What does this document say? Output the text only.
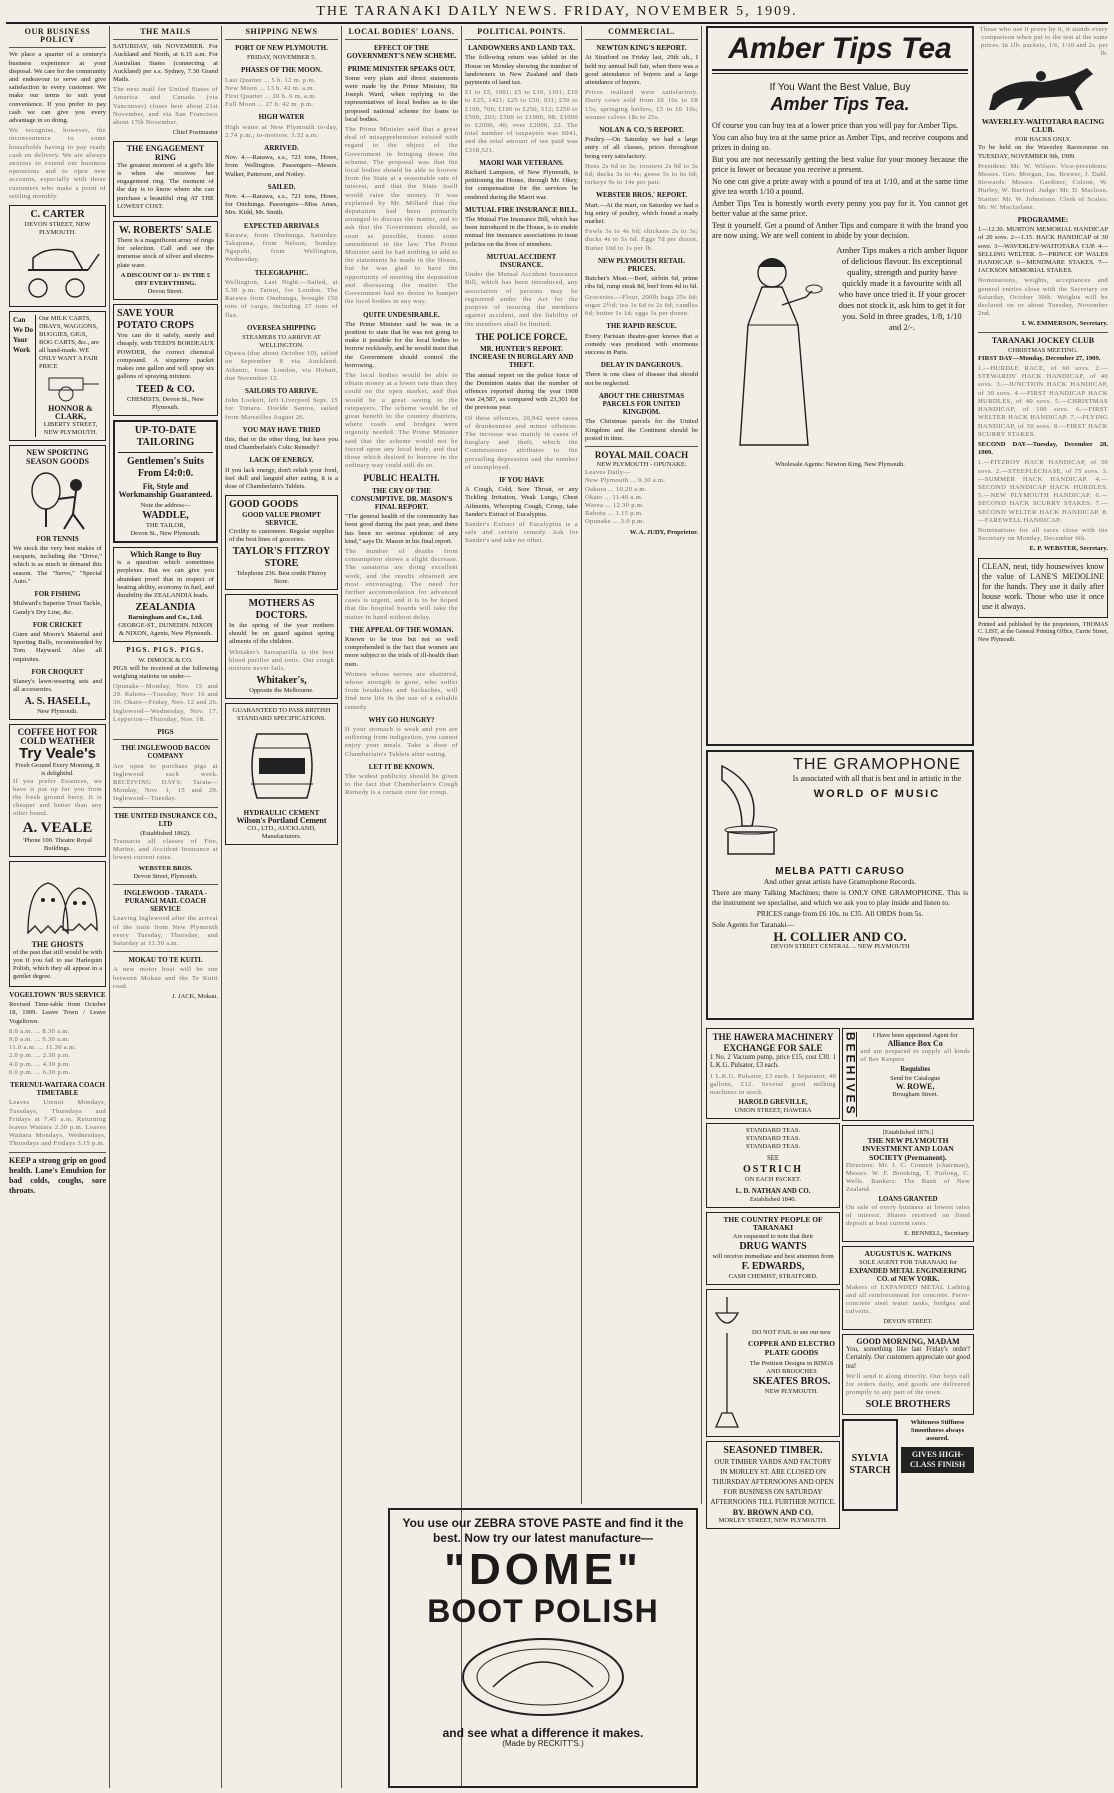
THE TARANAKI DAILY NEWS. FRIDAY, NOVEMBER 5, 1909.
OUR BUSINESS POLICY

We place a quarter of a century's business experience at your disposal. We care for the community and endeavour to serve and give satisfaction to every customer. We make our terms to suit your convenience. If you prefer to pay cash we can give you every advantage in so doing.

We recognise, however, the inconvenience to some households having to pay ready cash on delivery. We are always anxious to extend our business operations and to open new accounts, especially with those customers who make a point of settling monthly.

C. CARTER
DEVON STREET, NEW PLYMOUTH.
Can We Do Your Work
Our MILK CARTS, DRAYS, WAGGONS, BUGGIES, GIGS, BOG CARTS, &c., are all hand-made. WE ONLY WANT A FAIR PRICE
HONNOR & CLARK,
LIBERTY STREET, NEW PLYMOUTH.
NEW SPORTING SEASON GOODS
FOR TENNIS

We stock the very best makes of racquets, including the "Drive," which is as much in demand this season. The "Servo," "Special Auto."

FOR FISHING

Mulward's Superior Trout Tackle, Gandy's Dry Line, &c.

FOR CRICKET

Gunn and Moore's Material and Sporting Balls, recommended by Tom Hayward. Also all requisites.

FOR CROQUET

Slaney's lawn-wearing sets and all accessories.

A. S. HASELL,
New Plymouth.
COFFEE HOT FOR COLD WEATHER
Try Veale's
Fresh Ground Every Morning. It is delightful.

If you prefer Essences, we have it put up for you from the fresh ground berry. It is cheaper and better than any other brand.

A. VEALE
'Phone 100. Theatre Royal Buildings.
THE GHOSTS

of the past that still would be with you if you fail to use Harlequin Polish, which they all appear in a gentler degree.

VOGELTOWN 'BUS SERVICE

Revised Time-table from October 18, 1909. Leave Town / Leave Vogeltown.

8.0 a.m. ... 8.30 a.m.
9.0 a.m. ... 9.30 a.m.
11.0 a.m. ... 11.30 a.m.
2.0 p.m. ... 2.30 p.m.
4.0 p.m. ... 4.30 p.m.
6.0 p.m. ... 6.30 p.m.

TERENUI-WAITARA COACH TIMETABLE

Leaves Urenui Mondays, Tuesdays, Thursdays and Fridays at 7.45 a.m. Returning leaves Waitara 2.30 p.m. Leaves Waitara Mondays, Wednesdays, Thursdays and Fridays 3.15 p.m.

KEEP a strong grip on good health. Lane's Emulsion for bad colds, coughs, sore throats.

THE MAILS

SATURDAY, 6th NOVEMBER. For Auckland and North, at 6.15 a.m. For Australian States (connecting at Auckland) per s.s. Sydney, 7.30 Grand Mails.

The next mail for United States of America and Canada (via Vancouver) closes here about 21st November, and via San Francisco about 17th November.

Chief Postmaster

THE ENGAGEMENT RING

The greatest moment of a girl's life is when she receives her engagement ring. The moment of the day is to know where she can purchase a beautiful ring AT THE LOWEST COST.

W. ROBERTS' SALE

There is a magnificent array of rings for selection. Call and see the immense stock of silver and electro-plate ware.

A DISCOUNT OF 1/- IN THE £ OFF EVERYTHING.
Devon Street.
SAVE YOUR POTATO CROPS

You can do it safely, surely and cheaply, with TEED'S BORDEAUX POWDER, the correct chemical compound. A sixpenny packet makes one gallon and will spray six gallons of spraying mixture.

TEED & CO.
CHEMISTS, Devon St., New Plymouth.
UP-TO-DATE TAILORING
Gentlemen's Suits From £4:0:0.
Fit, Style and Workmanship Guaranteed.
Note the address—
WADDLE,
THE TAILOR,
Devon St., New Plymouth.
Which Range to Buy

is a question which sometimes perplexes. But we can give you abundant proof that in respect of heating ability, economy in fuel, and durability the ZEALANDIA leads.

ZEALANDIA
Barningham and Co., Ltd.
GEORGE-ST., DUNEDIN. NIXON & NIXON, Agents, New Plymouth.
PIGS. PIGS. PIGS.
W. DIMOCK & CO.

PIGS will be received at the following weighing stations on under—

Opunake—Monday, Nov. 15 and 29. Rahotu—Tuesday, Nov. 16 and 30. Okato—Friday, Nov. 12 and 26. Inglewood—Wednesday, Nov. 17. Lepperton—Thursday, Nov. 18.

PIGS
THE INGLEWOOD BACON COMPANY

Are open to purchase pigs at Inglewood each week. RECEIVING DAYS: Tarata—Monday, Nov. 1, 15 and 29. Inglewood—Tuesday.

THE UNITED INSURANCE CO., LTD
(Established 1862).

Transacts all classes of Fire, Marine, and Accident Insurance at lowest current rates.

WEBSTER BROS.
Devon Street, Plymouth.
INGLEWOOD - TARATA - PURANGI MAIL COACH SERVICE

Leaving Inglewood after the arrival of the train from New Plymouth every Tuesday, Thursday, and Saturday at 11.30 a.m.

MOKAU TO TE KUITI.

A new motor boat will be run between Mokau and the Te Kuiti road.

J. JACK, Mokau.

SHIPPING NEWS
PORT OF NEW PLYMOUTH.
FRIDAY, NOVEMBER 5.
PHASES OF THE MOON.

Last Quarter ... 5 h. 12 m. p.m.
New Moon ... 13 h. 42 m. a.m.
First Quarter ... 20 h. 6 m. a.m.
Full Moon ... 27 h. 42 m. p.m.

HIGH WATER

High water at New Plymouth to-day, 2.74 p.m.; to-morrow, 3.32 a.m.

ARRIVED.

Nov. 4.—Rarawa, s.s., 721 tons, Howe, from Wellington. Passengers—Messrs. Walker, Patterson, and Notley.

SAILED.

Nov. 4.—Rarawa, s.s., 721 tons, Howe, for Onehunga. Passengers—Miss Ames, Mrs. Kidd, Mr. Smith.

EXPECTED ARRIVALS

Rarawa, from Onehunga, Saturday. Takapuna, from Nelson, Sunday. Ngapuhi, from Wellington, Wednesday.

TELEGRAPHIC.

Wellington, Last Night.—Sailed, at 5.30 p.m. Tainui, for London. The Rarawa from Onehunga, brought 150 tons of cargo, including 27 tons of flax.

OVERSEA SHIPPING
STEAMERS TO ARRIVE AT WELLINGTON.

Opawa (due about October 10), sailed on September 8 via Auckland. Athenic, from London, via Hobart, due November 12.

SAILORS TO ARRIVE.

John Lockett, left Liverpool Sept. 15 for Timaru. Doelde Santos, sailed from Marseilles August 26.

YOU MAY HAVE TRIED

this, that or the other thing, but have you tried Chamberlain's Colic Remedy?

LACK OF ENERGY.

If you lack energy, don't relish your food, feel dull and languid after eating, it is a dose of Chamberlain's Tablets.

GOOD GOODS
GOOD VALUE PROMPT SERVICE.

Civility to customers. Regular supplies of the best lines of groceries.

TAYLOR'S FITZROY STORE
Telephone 236. Best credit Fitzroy Store.
MOTHERS AS DOCTORS.

In the spring of the year mothers should be on guard against spring ailments of the children.

Whitaker's Sarsaparilla is the best blood purifier and tonic. Our cough mixture never fails.

Whitaker's,
Opposite the Melbourne.
GUARANTEED TO PASS BRITISH STANDARD SPECIFICATIONS.
HYDRAULIC CEMENT
Wilson's Portland Cement
CO., LTD., AUCKLAND, Manufacturers.
LOCAL BODIES' LOANS.
EFFECT OF THE GOVERNMENT'S NEW SCHEME.
PRIME MINISTER SPEAKS OUT.

Some very plain and direct statements were made by the Prime Minister, Sir Joseph Ward, when replying to the representatives of local bodies as to the proposed national scheme for loans to local bodies.

The Prime Minister said that a great deal of misapprehension existed with regard to the object of the Government in bringing down the scheme. The proposal was that the local bodies should be able to borrow from the State at a reasonable rate of interest, and that the State itself would raise the money. It was explained by Mr. Millard that the deputation had been primarily arranged to discuss the matter, and to ask that the Government should, as soon as possible, frame some amendment in the law. The Prime Minister said he had nothing to add to the statements he made in the House, but he was glad to have the opportunity of meeting the deputation and discussing the matter. The Government had no desire to hamper the local bodies in any way.

QUITE UNDESIRABLE.

The Prime Minister said he was in a position to state that he was not going to make it possible for the local bodies to borrow recklessly, and he would insist that the Government should control the borrowing.

The local bodies would be able to obtain money at a lower rate than they could on the open market, and that would be a great saving to the ratepayers. The scheme would be of great benefit to the country districts, where roads and bridges were urgently needed. The Prime Minister said that the scheme would not be forced upon any local body, and that those which desired to borrow in the ordinary way could still do so.

PUBLIC HEALTH.
THE CRY OF THE CONSUMPTIVE. DR. MASON'S FINAL REPORT.

"The general health of the community has been good during the past year, and there has been no serious epidemic of any kind," says Dr. Mason in his final report.

The number of deaths from consumption shows a slight decrease. The sanatoria are doing excellent work, and the results obtained are most encouraging. The need for further accommodation for advanced cases is urgent, and it is to be hoped that the hospital boards will take the matter in hand without delay.

THE APPEAL OF THE WOMAN.

Known to be true but not so well comprehended is the fact that women are more subject to the trials of ill-health than men.

Women whose nerves are shattered, whose strength is gone, who suffer from headaches and backaches, will find new life in the use of a reliable remedy.

WHY GO HUNGRY?

If your stomach is weak and you are suffering from indigestion, you cannot enjoy your meals. Take a dose of Chamberlain's Tablets after eating.

LET IT BE KNOWN.

The widest publicity should be given to the fact that Chamberlain's Cough Remedy is a certain cure for croup.

POLITICAL POINTS.
LANDOWNERS AND LAND TAX.

The following return was tabled in the House on Monday showing the number of landowners in New Zealand and their payments of land tax.

£1 to £5, 1001; £5 to £10, 1101; £10 to £25, 1421; £25 to £50, 931; £50 to £100, 706; £100 to £250, 512; £250 to £500, 203; £500 to £1000, 98; £1000 to £2000, 40; over £2000, 22. The total number of taxpayers was 6041, and the total amount of tax paid was £318,521.

MAORI WAR VETERANS.

Richard Lampson, of New Plymouth, is petitioning the House, through Mr. Okey, for compensation for the services he rendered during the Maori war.

MUTUAL FIRE INSURANCE BILL.

The Mutual Fire Insurance Bill, which has been introduced in the House, is to enable mutual fire insurance associations to issue policies on the lives of members.

MUTUAL ACCIDENT INSURANCE.

Under the Mutual Accident Insurance Bill, which has been introduced, any association of persons may be registered under the Act for the purpose of insuring the members against accident, and the liability of the members shall be limited.

THE POLICE FORCE.
MR. HUNTER'S REPORT. INCREASE IN BURGLARY AND THEFT.

The annual report on the police force of the Dominion states that the number of offences reported during the year 1908 was 24,587, as compared with 23,301 for the previous year.

Of these offences, 20,942 were cases of drunkenness and minor offences. The increase was mainly in cases of burglary and theft, which the Commissioner attributes to the prevailing depression and the number of unemployed.

IF YOU HAVE

A Cough, Cold, Sore Throat, or any Tickling Irritation, Weak Lungs, Chest Ailments, Whooping Cough, Croup, take Sander's Extract of Eucalyptus.

Sander's Extract of Eucalyptus is a safe and certain remedy. Ask for Sander's and take no other.

COMMERCIAL.
NEWTON KING'S REPORT.

At Stratford on Friday last, 29th ult., I held my annual bull fair, when there was a good attendance of buyers and a large attendance of buyers.

Prices realised were satisfactory. Dairy cows sold from £6 10s to £8 15s; springing heifers, £5 to £6 10s; weaner calves 18s to 25s.

NOLAN & CO.'S REPORT.

Poultry.—On Saturday we had a large entry of all classes, prices throughout being very satisfactory.

Hens 2s 6d to 3s; roosters 2s 9d to 3s 6d; ducks 3s to 4s; geese 5s to 6s 6d; turkeys 9s to 14s per pair.

WEBSTER BROS.' REPORT.

Mart.—At the mart, on Saturday we had a big entry of poultry, which found a ready market.

Fowls 3s to 4s 6d; chickens 2s to 3s; ducks 4s to 5s 6d. Eggs 7d per dozen. Butter 10d to 1s per lb.

NEW PLYMOUTH RETAIL PRICES.

Butcher's Meat.—Beef, sirloin 6d, prime ribs 6d, rump steak 8d, beef from 4d to 6d.

Groceries.—Flour, 200lb bags 25s 6d; sugar 2½d; tea 1s 6d to 2s 6d; candles 6d; butter 1s 1d; eggs 1s per dozen.

THE RAPID RESCUE.

Every Parisian theatre-goer knows that a comedy was produced with enormous success in Paris.

DELAY IN DANGEROUS.

There is one class of disease that should not be neglected.

ABOUT THE CHRISTMAS PARCELS FOR UNITED KINGDOM.

The Christmas parcels for the United Kingdom and the Continent should be posted in time.

ROYAL MAIL COACH
NEW PLYMOUTH - OPUNAKE.

Leaves Daily—
New Plymouth ... 9.30 a.m.
Oakura ... 10.20 a.m.
Okato ... 11.40 a.m.
Warea ... 12.30 p.m.
Rahotu ... 1.15 p.m.
Opunake ... 3.0 p.m.

W. A. JUDY, Proprietor.

You use our ZEBRA STOVE PASTE and find it the best. Now try our latest manufacture—
"DOME"
BOOT POLISH
and see what a difference it makes.
(Made by RECKITT'S.)
Amber Tips Tea
If You Want the Best Value, Buy
Amber Tips Tea.

Of course you can buy tea at a lower price than you will pay for Amber Tips.

You can also buy tea at the same price as Amber Tips, and receive coupons and prizes in doing so.

But you are not necessarily getting the best value for your money because the price is lower or because you receive a present.

No one can give a prize away with a pound of tea at 1/10, and at the same time give tea worth 1/10 a pound.

Amber Tips Tea is honestly worth every penny you pay for it. You cannot get better value at the same price.

Test it yourself. Get a pound of Amber Tips and compare it with the brand you are now using. We are well content to abide by your decision.

Amber Tips makes a rich amber liquor of delicious flavour. Its exceptional quality, strength and purity have quickly made it a favourite with all who have once tried it. If your grocer does not stock it, ask him to get it for you. Sold in three grades, 1/8, 1/10 and 2/-.

Wholesale Agents: Newton King, New Plymouth.
THE GRAMOPHONE

Is associated with all that is best and in artistic in the

WORLD OF MUSIC
MELBA PATTI CARUSO

And other great artists have Gramophone Records.

There are many Talking Machines; there is ONLY ONE GRAMOPHONE. This is the instrument we specialise, and which we ask you to play inside and listen to.

PRICES range from £6 10s. to £35. All ORDS from 5s.

Sole Agents for Taranaki—

H. COLLIER AND CO.
DEVON STREET CENTRAL ... NEW PLYMOUTH
THE HAWERA MACHINERY EXCHANGE FOR SALE

1 No. 2 Vacuum pump, price £15, cost £30. 1 L.K.G. Pulsator, £3 each.

1 L.K.G. Pulsator, £3 each. 1 Separator, 40 gallons, £12. Several good milking machines in stock.

HAROLD GREVILLE,
UNION STREET, HAWERA
STANDARD TEAS.
STANDARD TEAS.
STANDARD TEAS.
SEE
OSTRICH
ON EACH PACKET.
L. D. NATHAN AND CO.
Established 1840.
THE COUNTRY PEOPLE OF TARANAKI
Are requested to note that their
DRUG WANTS
will receive immediate and best attention from
F. EDWARDS,
CASH CHEMIST, STRATFORD.
DO NOT FAIL to see our new
COPPER AND ELECTRO PLATE GOODS
The Prettiest Designs in RINGS AND BROOCHES
SKEATES BROS.
NEW PLYMOUTH.
SEASONED TIMBER.

OUR TIMBER YARDS AND FACTORY IN MORLEY ST. ARE CLOSED ON THURSDAY AFTERNOONS AND OPEN FOR BUSINESS ON SATURDAY AFTERNOONS TILL FURTHER NOTICE.

BY. BROWN AND CO.
MORLEY STREET, NEW PLYMOUTH.
BEEHIVES	I Have been appointed Agent for
Alliance Box Co

and am prepared to supply all kinds of Bee Keepers

Requisites
Send for Catalogue
W. ROWE,
Brougham Street.
[Established 1876.]
THE NEW PLYMOUTH INVESTMENT AND LOAN SOCIETY (Permanent).

Directors: Mr. J. C. Connett (chairman), Messrs. W. F. Brooking, T. Furlong, C. Wells. Bankers: The Bank of New Zealand.

LOANS GRANTED

On sale of every business at lowest rates of interest. Shares received on fixed deposit at best current rates.

E. BENNELL, Secretary.
AUGUSTUS K. WATKINS
SOLE AGENT FOR TARANAKI for
EXPANDED METAL ENGINEERING CO. of NEW YORK.

Makers of EXPANDED METAL Lathing and all reinforcement for concrete. Ferro-concrete steel water tanks, bridges and culverts.

DEVON STREET.
GOOD MORNING, MADAM

You, something like last Friday's order? Certainly. Our customers appreciate our good tea!

We'll send it along directly. Our boys call for orders daily, and goods are delivered promptly to any part of the town.

SOLE BROTHERS
SYLVIA STARCH
Whiteness Stiffness Smoothness always assured.
GIVES HIGH-CLASS FINISH

Those who use it prove by it, it stands every comparison when put to the test at the same prices. In 1lb. packets, 1/6, 1/10 and 2s. per lb.

WAVERLEY-WAITOTARA RACING CLUB.
FOR HACKS ONLY.

To be held on the Waverley Racecourse on TUESDAY, NOVEMBER 9th, 1909.

President: Mr. W. Wilson. Vice-presidents: Messrs. Geo. Morgan, Jas. Brewer, J. Dahl. Stewards: Messrs. Gardiner, Colson, W. Hurley, W. Burford. Judge: Mr. D. Maclean. Starter: Mr. W. Johnstone. Clerk of Scales: Mr. W. Macfarlane.

PROGRAMME:

1—12.30. MURTON MEMORIAL HANDICAP of 20 sovs. 2—1.15. HACK HANDICAP of 30 sovs. 3—WAVERLEY-WAITOTARA CUP. 4—SELLING WELTER. 5—PRINCE OF WALES HANDICAP. 6—MENDMARE STAKES. 7—JACKSON MEMORIAL STAKES.

Nominations, weights, acceptances and general entries close with the Secretary on Saturday, October 30th. Weights will be declared on or about Tuesday, November 2nd.

I. W. EMMERSON, Secretary.

TARANAKI JOCKEY CLUB
CHRISTMAS MEETING.

FIRST DAY—Monday, December 27, 1909.

1.—HURDLE RACE, of 60 sovs. 2.—STEWARDS' HACK HANDICAP, of 40 sovs. 3.—JUNCTION HACK HANDICAP, of 30 sovs. 4.—FIRST HANDICAP HACK HURDLES, of 40 sovs. 5.—CHRISTMAS HANDICAP, of 100 sovs. 6.—FIRST WELTER HACK HANDICAP. 7.—FLYING HANDICAP, of 50 sovs. 8.—FIRST HACK SCURRY STAKES.

SECOND DAY—Tuesday, December 28, 1909.

1.—FITZROY HACK HANDICAP, of 30 sovs. 2.—STEEPLECHASE, of 75 sovs. 3.—SUMMER HACK HANDICAP. 4.—SECOND HANDICAP HACK HURDLES. 5.—NEW PLYMOUTH HANDICAP. 6.—SECOND HACK SCURRY STAKES. 7.—SECOND WELTER HACK HANDICAP. 8.—FAREWELL HANDICAP.

Nominations for all races close with the Secretary on Monday, December 6th.

E. P. WEBSTER, Secretary.

CLEAN, neat, tidy housewives know the value of LANE'S MEDOLINE for the hands. They use it daily after house work. Those who use it once use it always.

Printed and published by the proprietors, THOMAS C. LIST, at the General Printing Office, Currie Street, New Plymouth.
